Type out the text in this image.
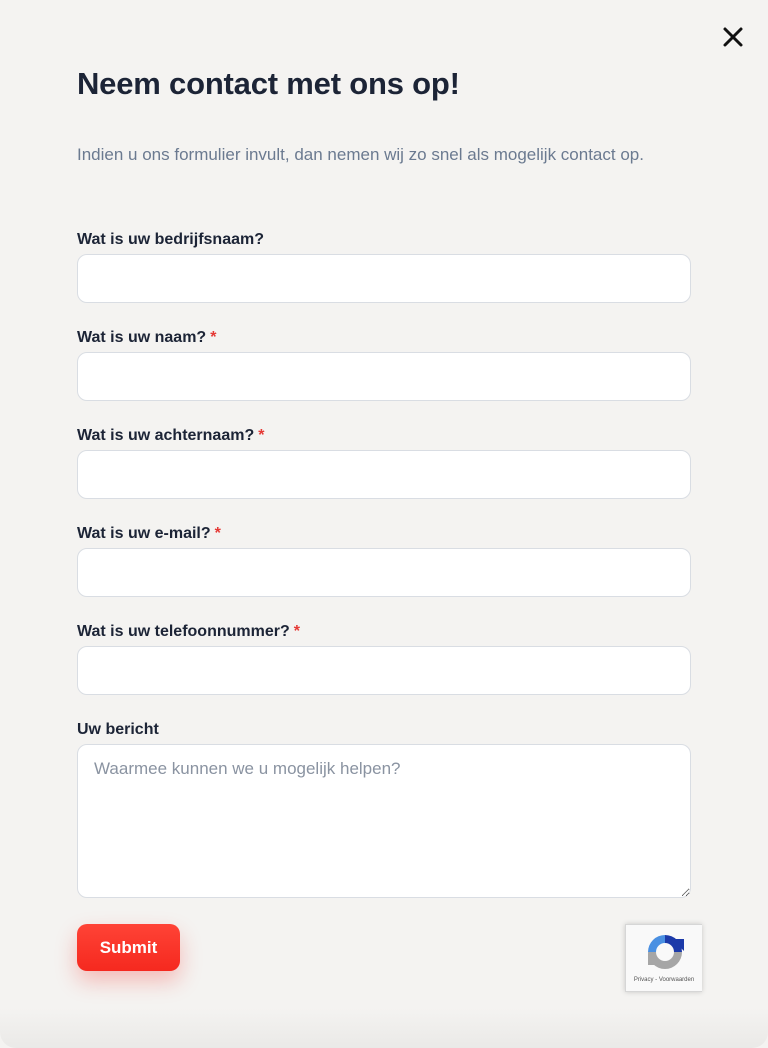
Neem contact met ons op!

Indien u ons formulier invult, dan nemen wij zo snel als mogelijk contact op.

Wat is uw bedrijfsnaam?
Wat is uw naam? *
Wat is uw achternaam? *
Wat is uw e-mail? *
Wat is uw telefoonnummer? *
Uw bericht
Waarmee kunnen we u mogelijk helpen?
Submit
Privacy - Voorwaarden
